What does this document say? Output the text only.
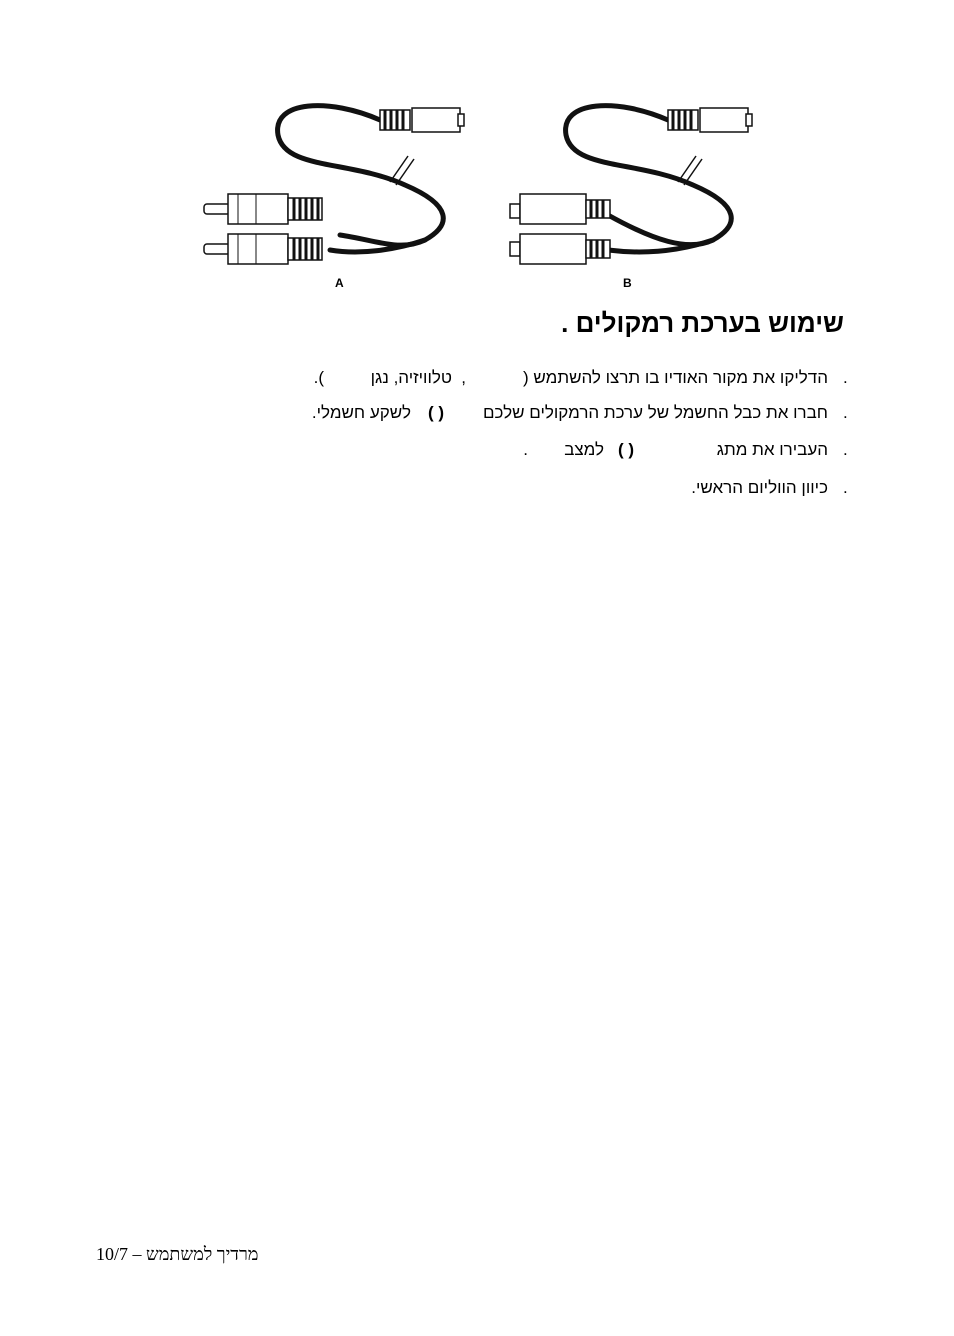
A	B
שימוש בערכת רמקולים .
.
הדליקו את מקור האודיו בו תרצו להשתמש (
,
טלוויזיה, נגן
).
.
חברו את כבל החשמל של ערכת הרמקולים שלכם
( )
לשקע חשמלי.
.
העבירו את מתג
( )
למצב
.
.
כיוון הווליום הראשי.
מרדיך למשתמש – 10/7
